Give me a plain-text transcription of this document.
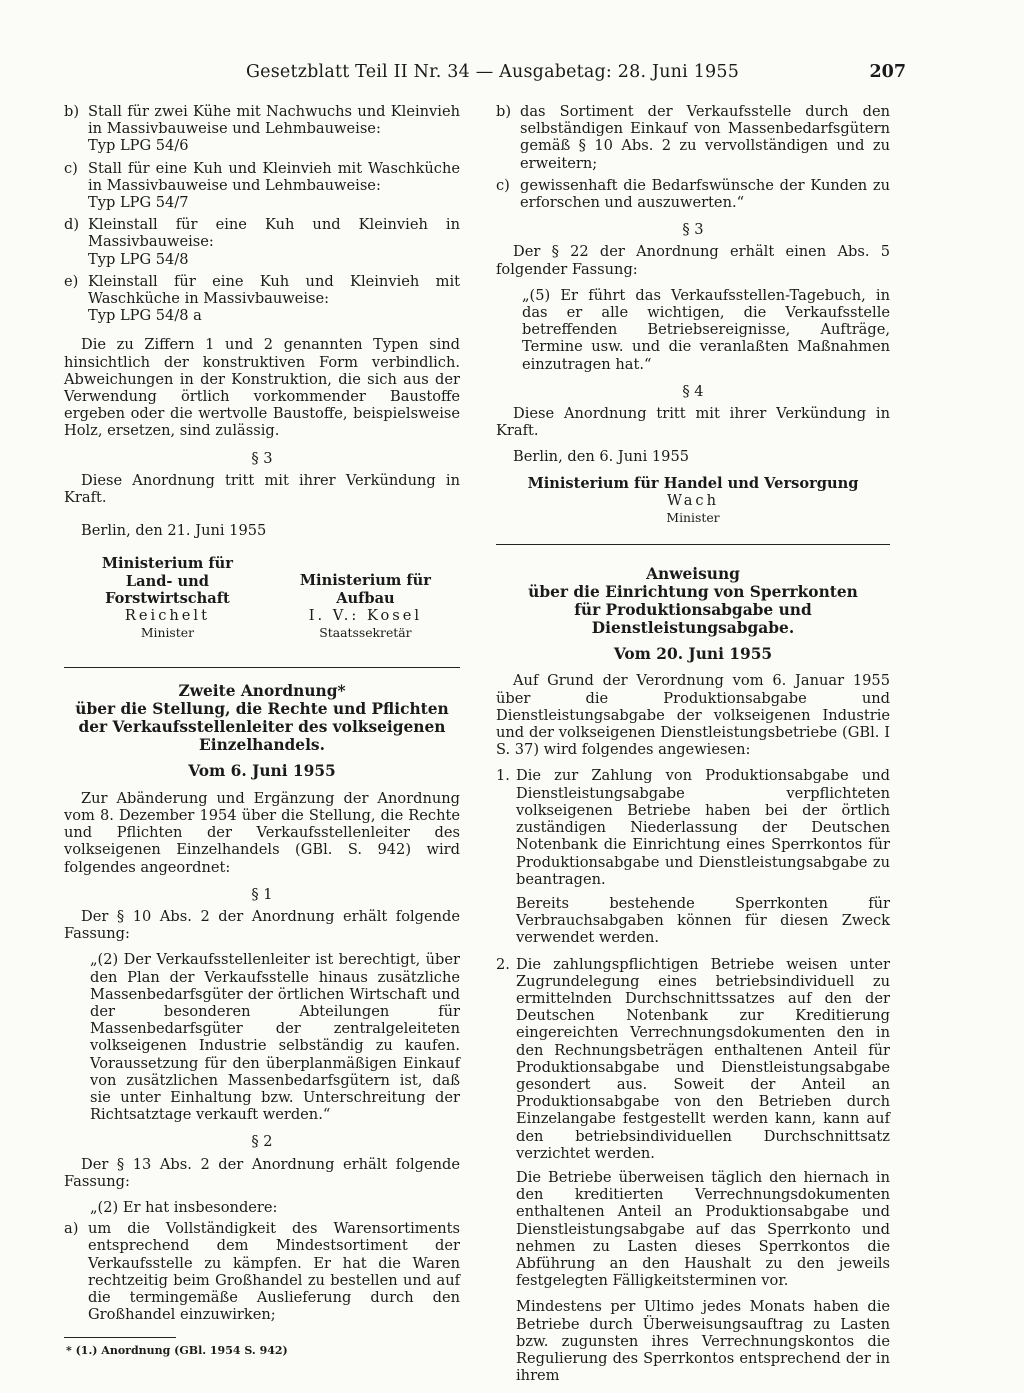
Gesetzblatt Teil II Nr. 34 — Ausgabetag: 28. Juni 1955	207
b) Stall für zwei Kühe mit Nachwuchs und Kleinvieh in Massivbauweise und Lehmbauweise:
Typ LPG 54/6
c) Stall für eine Kuh und Kleinvieh mit Waschküche in Massivbauweise und Lehmbauweise:
Typ LPG 54/7
d) Kleinstall für eine Kuh und Kleinvieh in Massivbauweise:
Typ LPG 54/8
e) Kleinstall für eine Kuh und Kleinvieh mit Waschküche in Massivbauweise:
Typ LPG 54/8 a

Die zu Ziffern 1 und 2 genannten Typen sind hinsichtlich der konstruktiven Form verbindlich. Abweichungen in der Konstruktion, die sich aus der Verwendung örtlich vorkommender Baustoffe ergeben oder die wertvolle Baustoffe, beispielsweise Holz, ersetzen, sind zulässig.

§ 3

Diese Anordnung tritt mit ihrer Verkündung in Kraft.

Berlin, den 21. Juni 1955

Ministerium für
Land- und Forstwirtschaft
Reichelt
Minister
Ministerium für Aufbau
I. V.: Kosel
Staatssekretär
Zweite Anordnung*
über die Stellung, die Rechte und Pflichten der Verkaufsstellenleiter des volkseigenen Einzelhandels.
Vom 6. Juni 1955

Zur Abänderung und Ergänzung der Anordnung vom 8. Dezember 1954 über die Stellung, die Rechte und Pflichten der Verkaufsstellenleiter des volkseigenen Einzelhandels (GBl. S. 942) wird folgendes angeordnet:

§ 1

Der § 10 Abs. 2 der Anordnung erhält folgende Fassung:

„(2) Der Verkaufsstellenleiter ist berechtigt, über den Plan der Verkaufsstelle hinaus zusätzliche Massenbedarfsgüter der örtlichen Wirtschaft und der besonderen Abteilungen für Massenbedarfsgüter der zentralgeleiteten volkseigenen Industrie selbständig zu kaufen. Voraussetzung für den überplanmäßigen Einkauf von zusätzlichen Massenbedarfsgütern ist, daß sie unter Einhaltung bzw. Unterschreitung der Richtsatztage verkauft werden.“

§ 2

Der § 13 Abs. 2 der Anordnung erhält folgende Fassung:

„(2) Er hat insbesondere:

a) um die Vollständigkeit des Warensortiments entsprechend dem Mindestsortiment der Verkaufsstelle zu kämpfen. Er hat die Waren rechtzeitig beim Großhandel zu bestellen und auf die termingemäße Auslieferung durch den Großhandel einzuwirken;
* (1.) Anordnung (GBl. 1954 S. 942)
b) das Sortiment der Verkaufsstelle durch den selbständigen Einkauf von Massenbedarfsgütern gemäß § 10 Abs. 2 zu vervollständigen und zu erweitern;
c) gewissenhaft die Bedarfswünsche der Kunden zu erforschen und auszuwerten.“
§ 3

Der § 22 der Anordnung erhält einen Abs. 5 folgender Fassung:

„(5) Er führt das Verkaufsstellen-Tagebuch, in das er alle wichtigen, die Verkaufsstelle betreffenden Betriebsereignisse, Aufträge, Termine usw. und die veranlaßten Maßnahmen einzutragen hat.“

§ 4

Diese Anordnung tritt mit ihrer Verkündung in Kraft.

Berlin, den 6. Juni 1955

Ministerium für Handel und Versorgung
Wach
Minister
Anweisung
über die Einrichtung von Sperrkonten
für Produktionsabgabe und Dienstleistungsabgabe.
Vom 20. Juni 1955

Auf Grund der Verordnung vom 6. Januar 1955 über die Produktionsabgabe und Dienstleistungsabgabe der volkseigenen Industrie und der volkseigenen Dienstleistungsbetriebe (GBl. I S. 37) wird folgendes angewiesen:

1. Die zur Zahlung von Produktionsabgabe und Dienstleistungsabgabe verpflichteten volkseigenen Betriebe haben bei der örtlich zuständigen Niederlassung der Deutschen Notenbank die Einrichtung eines Sperrkontos für Produktionsabgabe und Dienstleistungsabgabe zu beantragen.

Bereits bestehende Sperrkonten für Verbrauchsabgaben können für diesen Zweck verwendet werden.

2. Die zahlungspflichtigen Betriebe weisen unter Zugrundelegung eines betriebsindividuell zu ermittelnden Durchschnittssatzes auf den der Deutschen Notenbank zur Kreditierung eingereichten Verrechnungsdokumenten den in den Rechnungsbeträgen enthaltenen Anteil für Produktionsabgabe und Dienstleistungsabgabe gesondert aus. Soweit der Anteil an Produktionsabgabe von den Betrieben durch Einzelangabe festgestellt werden kann, kann auf den betriebsindividuellen Durchschnittsatz verzichtet werden.

Die Betriebe überweisen täglich den hiernach in den kreditierten Verrechnungsdokumenten enthaltenen Anteil an Produktionsabgabe und Dienstleistungsabgabe auf das Sperrkonto und nehmen zu Lasten dieses Sperrkontos die Abführung an den Haushalt zu den jeweils festgelegten Fälligkeitsterminen vor.

Mindestens per Ultimo jedes Monats haben die Betriebe durch Überweisungsauftrag zu Lasten bzw. zugunsten ihres Verrechnungskontos die Regulierung des Sperrkontos entsprechend der in ihrem
